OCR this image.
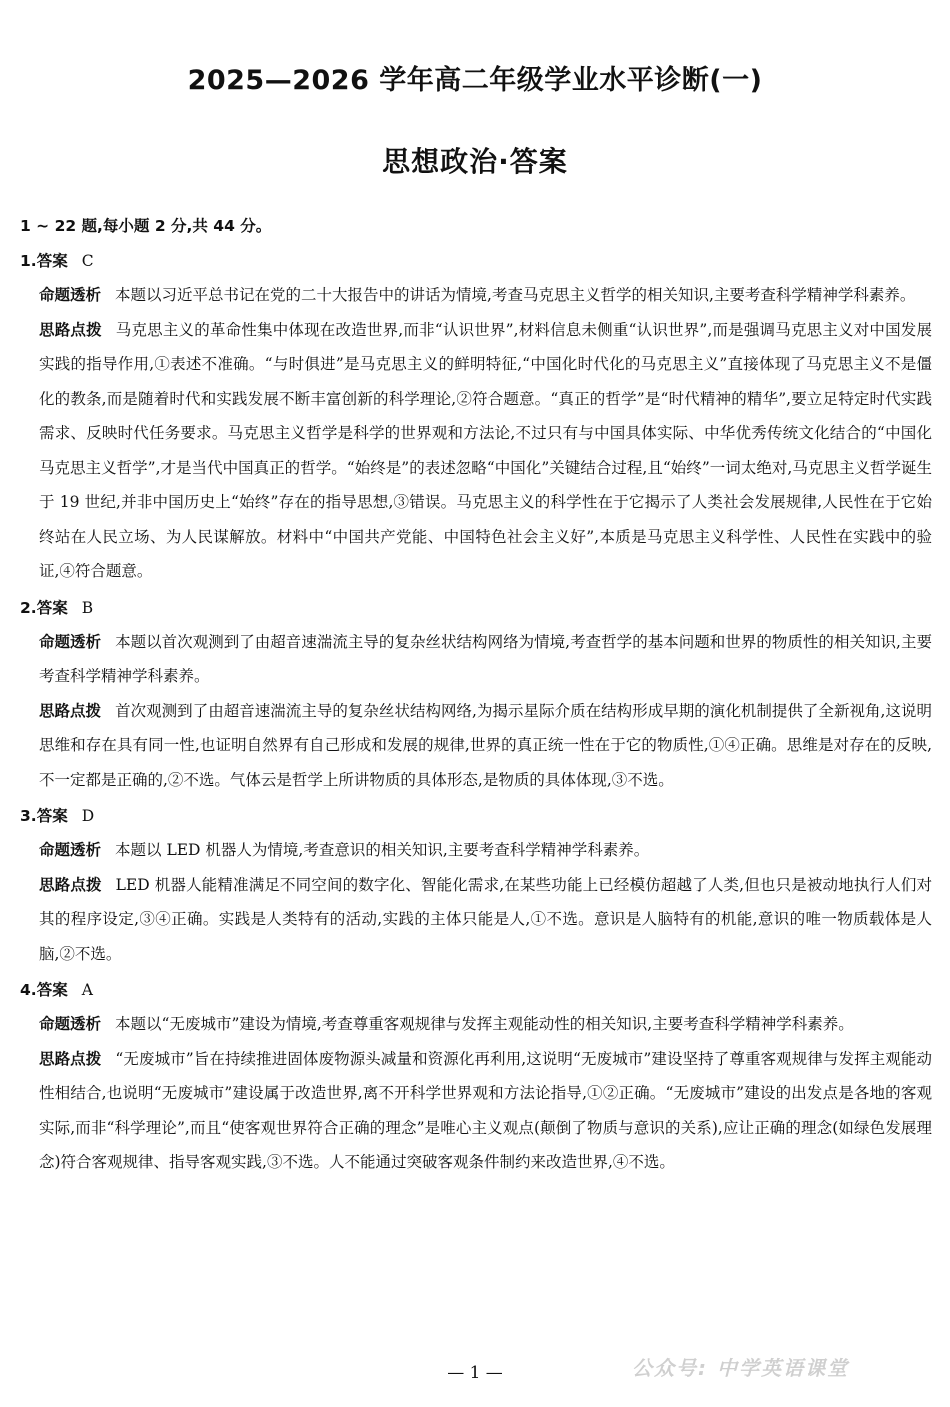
2025—2026 学年高二年级学业水平诊断(一)
思想政治·答案
1 ~ 22 题,每小题 2 分,共 44 分。
1.答案 C
命题透析 本题以习近平总书记在党的二十大报告中的讲话为情境,考查马克思主义哲学的相关知识,主要考查科学精神学科素养。
思路点拨 马克思主义的革命性集中体现在改造世界,而非“认识世界”,材料信息未侧重“认识世界”,而是强调马克思主义对中国发展实践的指导作用,①表述不准确。“与时俱进”是马克思主义的鲜明特征,“中国化时代化的马克思主义”直接体现了马克思主义不是僵化的教条,而是随着时代和实践发展不断丰富创新的科学理论,②符合题意。“真正的哲学”是“时代精神的精华”,要立足特定时代实践需求、反映时代任务要求。马克思主义哲学是科学的世界观和方法论,不过只有与中国具体实际、中华优秀传统文化结合的“中国化马克思主义哲学”,才是当代中国真正的哲学。“始终是”的表述忽略“中国化”关键结合过程,且“始终”一词太绝对,马克思主义哲学诞生于 19 世纪,并非中国历史上“始终”存在的指导思想,③错误。马克思主义的科学性在于它揭示了人类社会发展规律,人民性在于它始终站在人民立场、为人民谋解放。材料中“中国共产党能、中国特色社会主义好”,本质是马克思主义科学性、人民性在实践中的验证,④符合题意。
2.答案 B
命题透析 本题以首次观测到了由超音速湍流主导的复杂丝状结构网络为情境,考查哲学的基本问题和世界的物质性的相关知识,主要考查科学精神学科素养。
思路点拨 首次观测到了由超音速湍流主导的复杂丝状结构网络,为揭示星际介质在结构形成早期的演化机制提供了全新视角,这说明思维和存在具有同一性,也证明自然界有自己形成和发展的规律,世界的真正统一性在于它的物质性,①④正确。思维是对存在的反映,不一定都是正确的,②不选。气体云是哲学上所讲物质的具体形态,是物质的具体体现,③不选。
3.答案 D
命题透析 本题以 LED 机器人为情境,考查意识的相关知识,主要考查科学精神学科素养。
思路点拨 LED 机器人能精准满足不同空间的数字化、智能化需求,在某些功能上已经模仿超越了人类,但也只是被动地执行人们对其的程序设定,③④正确。实践是人类特有的活动,实践的主体只能是人,①不选。意识是人脑特有的机能,意识的唯一物质载体是人脑,②不选。
4.答案 A
命题透析 本题以“无废城市”建设为情境,考查尊重客观规律与发挥主观能动性的相关知识,主要考查科学精神学科素养。
思路点拨 “无废城市”旨在持续推进固体废物源头减量和资源化再利用,这说明“无废城市”建设坚持了尊重客观规律与发挥主观能动性相结合,也说明“无废城市”建设属于改造世界,离不开科学世界观和方法论指导,①②正确。“无废城市”建设的出发点是各地的客观实际,而非“科学理论”,而且“使客观世界符合正确的理念”是唯心主义观点(颠倒了物质与意识的关系),应让正确的理念(如绿色发展理念)符合客观规律、指导客观实践,③不选。人不能通过突破客观条件制约来改造世界,④不选。
公众号: 中学英语课堂
— 1 —
